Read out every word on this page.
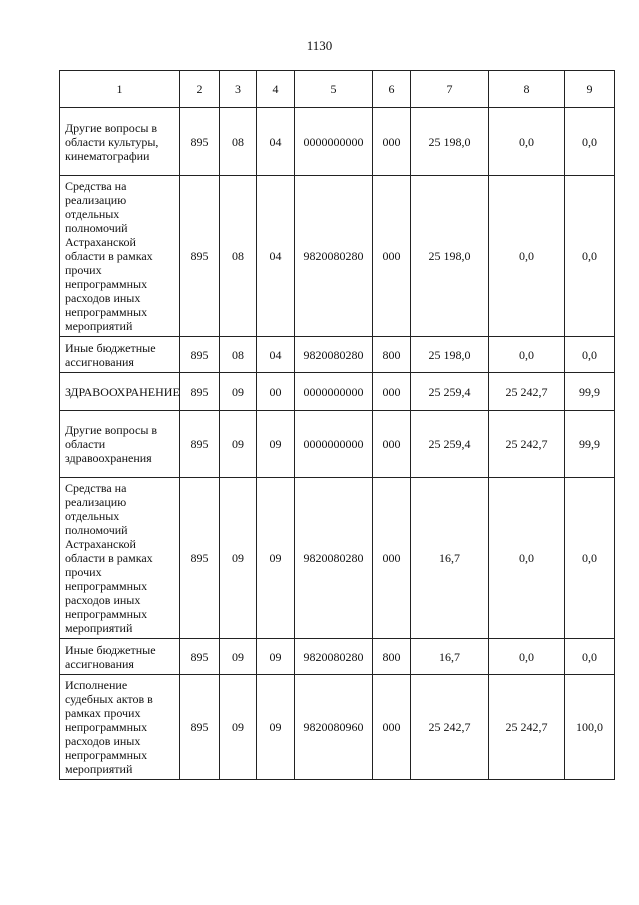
1130
1	2	3	4	5	6	7	8	9
Другие вопросы в области культуры, кинематографии	895	08	04	0000000000	000	25 198,0	0,0	0,0
Средства на реализацию отдельных полномочий Астраханской области в рамках прочих непрограммных расходов иных непрограммных мероприятий	895	08	04	9820080280	000	25 198,0	0,0	0,0
Иные бюджетные ассигнования	895	08	04	9820080280	800	25 198,0	0,0	0,0
ЗДРАВООХРАНЕНИЕ	895	09	00	0000000000	000	25 259,4	25 242,7	99,9
Другие вопросы в области здравоохранения	895	09	09	0000000000	000	25 259,4	25 242,7	99,9
Средства на реализацию отдельных полномочий Астраханской области в рамках прочих непрограммных расходов иных непрограммных мероприятий	895	09	09	9820080280	000	16,7	0,0	0,0
Иные бюджетные ассигнования	895	09	09	9820080280	800	16,7	0,0	0,0
Исполнение судебных актов в рамках прочих непрограммных расходов иных непрограммных мероприятий	895	09	09	9820080960	000	25 242,7	25 242,7	100,0
